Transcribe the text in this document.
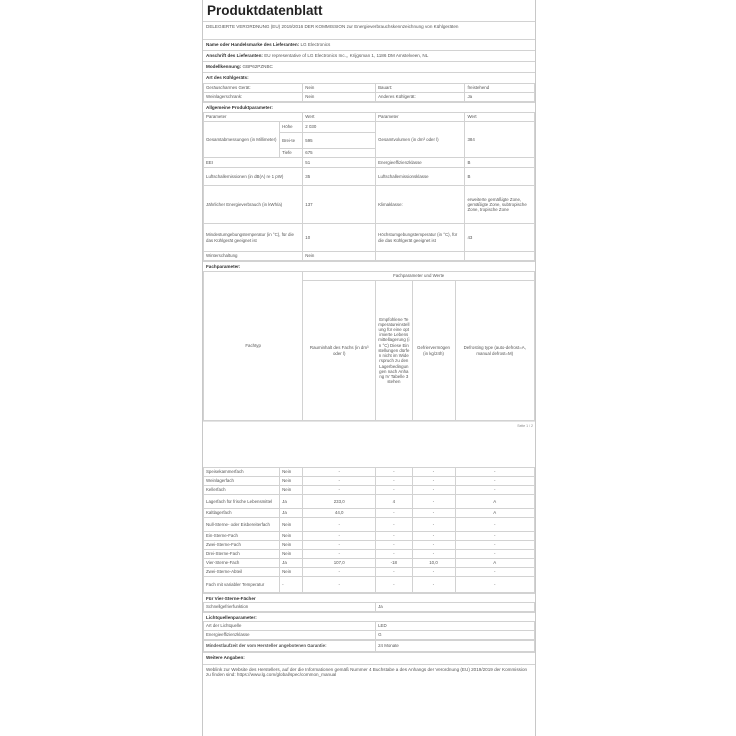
Produktdatenblatt
DELEGIERTE VERORDNUNG (EU) 2019/2016 DER KOMMISSION zur Energieverbrauchskennzeichnung von Kühlgeräten
Name oder Handelsmarke des Lieferanten: LG Electronics
Anschrift des Lieferanten: EU representative of LG Electronics Inc.,, Krijgsman 1, 1186 DM Amstelveen, NL
Modellkennung: GBP62PZNBC
Art des Kühlgeräts:
Geräuscharmes Gerät:	Nein	Bauart:	freistehend
Weinlagerschrank:	Nein	Anderes Kühlgerät:	Ja
Allgemeine Produktparameter:
Parameter		Wert	Parameter	Wert
Gesamtabmessungen (in Millimeter)	Höhe	2 030	Gesamtvolumen (in dm³ oder l)	384
	Brei-te	595		
	Tiefe	675		
EEI		51	Energieeffizienzklasse	B
Luftschallemissionen (in dB(A) re 1 pW)		35	Luftschallemissionsklasse	B
Jährlicher Energieverbrauch (in kWh/a)		137	Klimaklasse:	erweiterte gemäßigte Zone, gemäßigte Zone, subtropische Zone, tropische Zone
Mindestumgebungstemperatur (in °C), für die das Kühlgerät geeignet ist		10	Höchstumgebungstemperatur (in °C), für die das Kühlgerät geeignet ist	43
Winterschaltung		Nein		
Fachparameter:
Fachtyp	Fachparameter und Werte			
	Rauminhalt des Fachs (in dm³ oder l)	Empfohlene Temperatureinstellung für eine optimierte Lebensmittellagerung (in °C) Diese Einstellungen dürfen nicht im Widerspruch zu den Lagerbedingungen nach Anhang IV Tabelle 3 stehen	Gefriervermögen (in kg/24h)	Defrosting type (auto-defrost=A, manual defrost=M)
Seite 1 / 2
Speisekammerfach	Nein	-	-	-	-
Weinlagerfach	Nein	-	-	-	-
Kellerfach	Nein	-	-	-	-
Lagerfach für frische Lebensmittel	Ja	233,0	4	-	A
Kaltlagerfach	Ja	44,0	-	-	A
Null-Sterne- oder Eisbereiterfach	Nein	-	-	-	-
Ein-Sterne-Fach	Nein	-	-	-	-
Zwei-Sterne-Fach	Nein	-	-	-	-
Drei-Sterne-Fach	Nein	-	-	-	-
Vier-Sterne-Fach	Ja	107,0	-18	10,0	A
Zwei-Sterne-Abteil	Nein	-	-	-	-
Fach mit variabler Temperatur	-	-	-	-	-
Für Vier-Sterne-Fächer
Schnellgefrierfunktion	Ja
Lichtquellenparameter:
Art der Lichtquelle	LED
Energieeffizienzklasse	G
Mindestlaufzeit der vom Hersteller angebotenen Garantie:	24 Monate
Weitere Angaben:
Weblink zur Website des Herstellers, auf der die Informationen gemäß Nummer 4 Buchstabe a des Anhangs der Verordnung (EU) 2019/2019 der Kommission zu finden sind: https://www.lg.com/global/spec/common_manual
